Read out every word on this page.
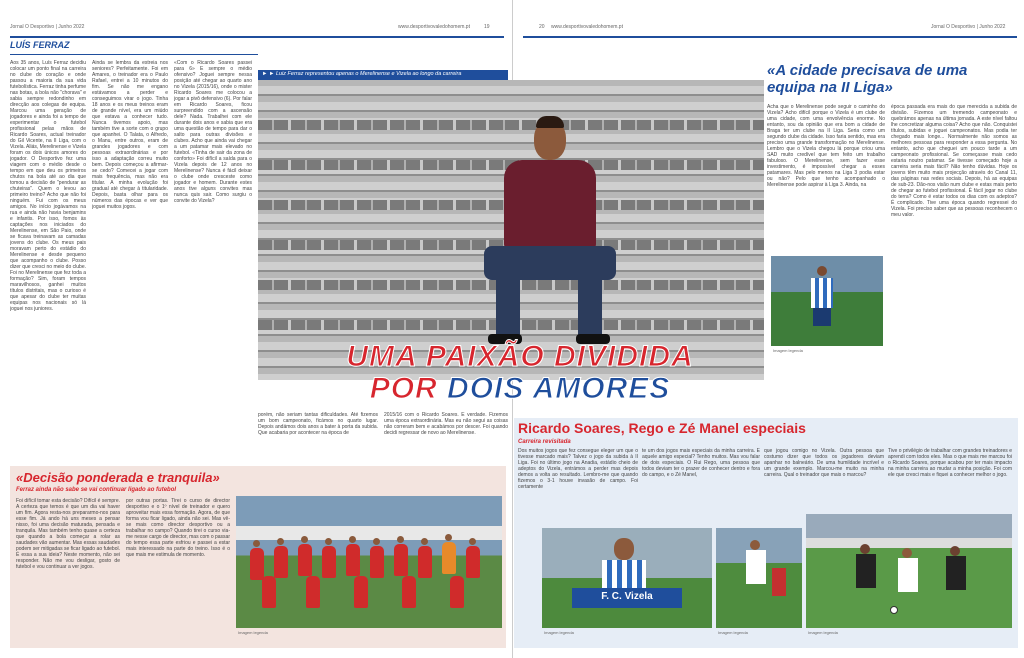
Jornal O Desportivo | Junho 2022	www.desportivovaledohomem.pt	19
LUÍS FERRAZ
Aos 35 anos, Luís Ferraz decidiu colocar um ponto final na carreira no clube do coração e onde passou a maioria da sua vida futebolística. Ferraz tinha perfume nas botas, a bola não "chorava" e sabia sempre redondinho em direcção aos colegas de equipa. Marcou uma geração de jogadores e ainda foi a tempo de experimentar o futebol profissional pelas mãos de Ricardo Soares, actual treinador do Gil Vicente, na II Liga, com o Vizela. Aliás, Merelinense e Vizela foram os dois únicos amores do jogador. O Desportivo fez uma viagem com o médio desde o tempo em que deu os primeiros chutos na bola até ao dia que tomou a decisão de "pendurar as chuteiras". Quem o levou ao primeiro treino? Acho que não foi ninguém. Fui com os meus amigos. No início jogávamos na rua e ainda não havia benjamins e infantis. Por isso, fomos às captações nos iniciados do Merelinense, em São Paio, onde se ficava treinavam as camadas jovens do clube. Os meus pais moravam perto do estádio do Merelinense e desde pequeno que acompanho o clube. Posso dizer que cresci no meio do clube. Foi no Merelinense que fez toda a formação? Sim, foram tempos maravilhosos, ganhei muitos títulos distritais, mas o curioso é que apesar do clube ter muitas equipas nos nacionais só lá joguei nos juniores.
Ainda se lembra da estreia nos seniores? Perfeitamente. Foi em Amares, o treinador era o Paulo Rafael, entrei a 10 minutos do fim. Se não me engano estávamos a perder e conseguimos virar o jogo. Tinha 18 anos e os meus treinos eram de grande nível, era um miúdo que estava a conhecer tudo. Nunca tivemos apoio, mas também tive a sorte com o grupo que apanhei. O Talata, o Alfredo, o Manu, entre outros, eram de grandes jogadores e com pessoas extraordinárias e por isso a adaptação correu muito bem. Depois começou a afirmar-se cedo? Comecei a jogar com mais frequência, mas não era titular. A minha evolução foi gradual até chegar à titularidade. Depois, basta olhar para os números das épocas e ver que joguei muitos jogos.
«Com o Ricardo Soares passei para 6» E sempre o médio ofensivo? Joguei sempre nessa posição até chegar ao quarto ano no Vizela (2015/16), onde o mister Ricardo Soares me colocou a jogar a pivô defensivo (6). Por falar em Ricardo Soares, ficou surpreendido com a ascensão dele? Nada. Trabalhei com ele durante dois anos e sabia que era uma questão de tempo para dar o salto para outras divisões e clubes. Acho que ainda vai chegar a um patamar mais elevado no futebol. «Tinha de sair da zona de conforto» Foi difícil a saída para o Vizela depois de 12 anos no Merelinense? Nunca é fácil deixar o clube onde cresceste como jogador e homem. Durante estes anos tive alguns convites mas nunca quis sair. Como surgiu o convite do Vizela?
20 www.desportivovaledohomem.pt	Jornal O Desportivo | Junho 2022
«A cidade precisava de uma equipa na II Liga»
Acha que o Merelinense pode seguir o caminho do Vizela? Acho difícil porque o Vizela é um clube de uma cidade, com uma envolvência enorme. No entanto, sou da opinião que era bom a cidade de Braga ter um clube na II Liga. Seria como um segundo clube da cidade. Isso faria sentido, mas era preciso uma grande transformação no Merelinense. Lembro que o Vizela chegou lá porque criou uma SAD muito credível que tem feito um trabalho fabuloso. O Merelinense, sem fazer esse investimento, é impossível chegar a esses patamares. Mas pelo menos na Liga 3 podia estar ou não? Pelo que tenho acompanhado o Merelinense pode aspirar à Liga 3. Ainda, na
época passada era mais do que merecida a subida de divisão. Fizemos um tremendo campeonato e quebrámos apenas na última jornada. A este nível faltou lhe concretizar alguma coisa? Acho que não. Conquistei títulos, subidas e joguei campeonatos. Mas podia ter chegado mais longe... Normalmente não somos as melhores pessoas para responder a essa pergunta. No entanto, acho que cheguei um pouco tarde a um campeonato profissional. Se começasse mais cedo estaria noutro patamar. Se tivesse começado hoje a carreira seria mais fácil? Não tenho dúvidas. Hoje os jovens têm muito mais projecção através do Canal 11, das páginas nas redes sociais. Depois, há as equipas de sub-23. Dão-nos visão num clube e estas mais perto de chegar ao futebol profissional. É fácil jogar no clube do terra? Como é estar todos os dias com os adeptos? É complicado. Tive uma época quando regressei do Vizela. Foi preciso saber que as pessoas reconhecem o meu valor.
Imagem legenda
► ► Luiz Ferraz representou apenas o Merelinense e Vizela ao longo da carreira
UMA PAIXÃO DIVIDIDA
POR DOIS AMORES
porém, não seriam tantas dificuldades. Até fizemos um bom campeonato, ficámos no quarto lugar. Depois andámos dois anos a bater à porta da subida. Que acabaria por acontecer na época de
2015/16 com o Ricardo Soares. É verdade. Fizemos uma época extraordinária. Mas eu não segui as coisas não correram bem e acabámos por descer. Foi quando decidi regressar de novo ao Merelinense.
«Decisão ponderada e tranquila»
Ferraz ainda não sabe se vai continuar ligado ao futebol
Foi difícil tomar esta decisão? Difícil é sempre. A certeza que temos é que um dia vai haver um fim. Agora resta-nos prepararmo-nos para esse fim. Já ando há uns meses a pensar nisso, foi uma decisão maturada, pensada e tranquila. Mas também tenho quase a certeza que quando a bola começar a rolar as saudades vão aumentar. Mas essas saudades podem ser mitigadas se ficar ligado ao futebol. É essa a sua ideia? Neste momento, não sei responder. Não me vou desligar, gosto de futebol e vou continuar a ver jogos.
por outras portas. Tirei o curso de director desportivo e o 1º nível de treinador e quero aproveitar mais essa formação. Agora, de que forma vou ficar ligado, ainda não sei. Mas vê-se mais como director desportivo ou a trabalhar no campo? Quando tirei o curso via-me nesse cargo de director, mas com o passar do tempo essa parte esfriou e passei a estar mais interessado na parte do treino. Isso é o que mais me estimula de momento.
Imagem legenda
Ricardo Soares, Rego e Zé Manel especiais
Carreira revisitada
Dos muitos jogos que fez consegue eleger um que o tivesse marcado mais? Talvez o jogo da subida à II Liga. Foi no último jogo na Anadia, estádio cheio de adeptos do Vizela, entrámos a perder mas depois demos a volta ao resultado. Lembro-me que quando fizemos o 3-1 houve invasão de campo. Foi certamente
te um dos jogos mais especiais da minha carreira. E aquele amigo especial? Tenho muitos. Mas vou falar de dois especiais. O Rui Rego, uma pessoa que todos deviam ter o prazer de conhecer dentro e fora do campo, e o Zé Manel,
que jogou comigo no Vizela. Outra pessoa que costumo dizer que todos os jogadores deviam apanhar no balneário. De uma humildade incrível e um grande exemplo. Marcou-me muito na minha carreira. Qual o treinador que mais o marcou?
Tive o privilégio de trabalhar com grandes treinadores e aprendi com todos eles. Mas o que mais me marcou foi o Ricardo Soares, porque acabou por ter mais impacto na minha carreira ao mudar a minha posição. Foi com ele que cresci mais e fiquei a conhecer melhor o jogo.
F. C. Vizela
Imagem legenda	Imagem legenda	Imagem legenda
